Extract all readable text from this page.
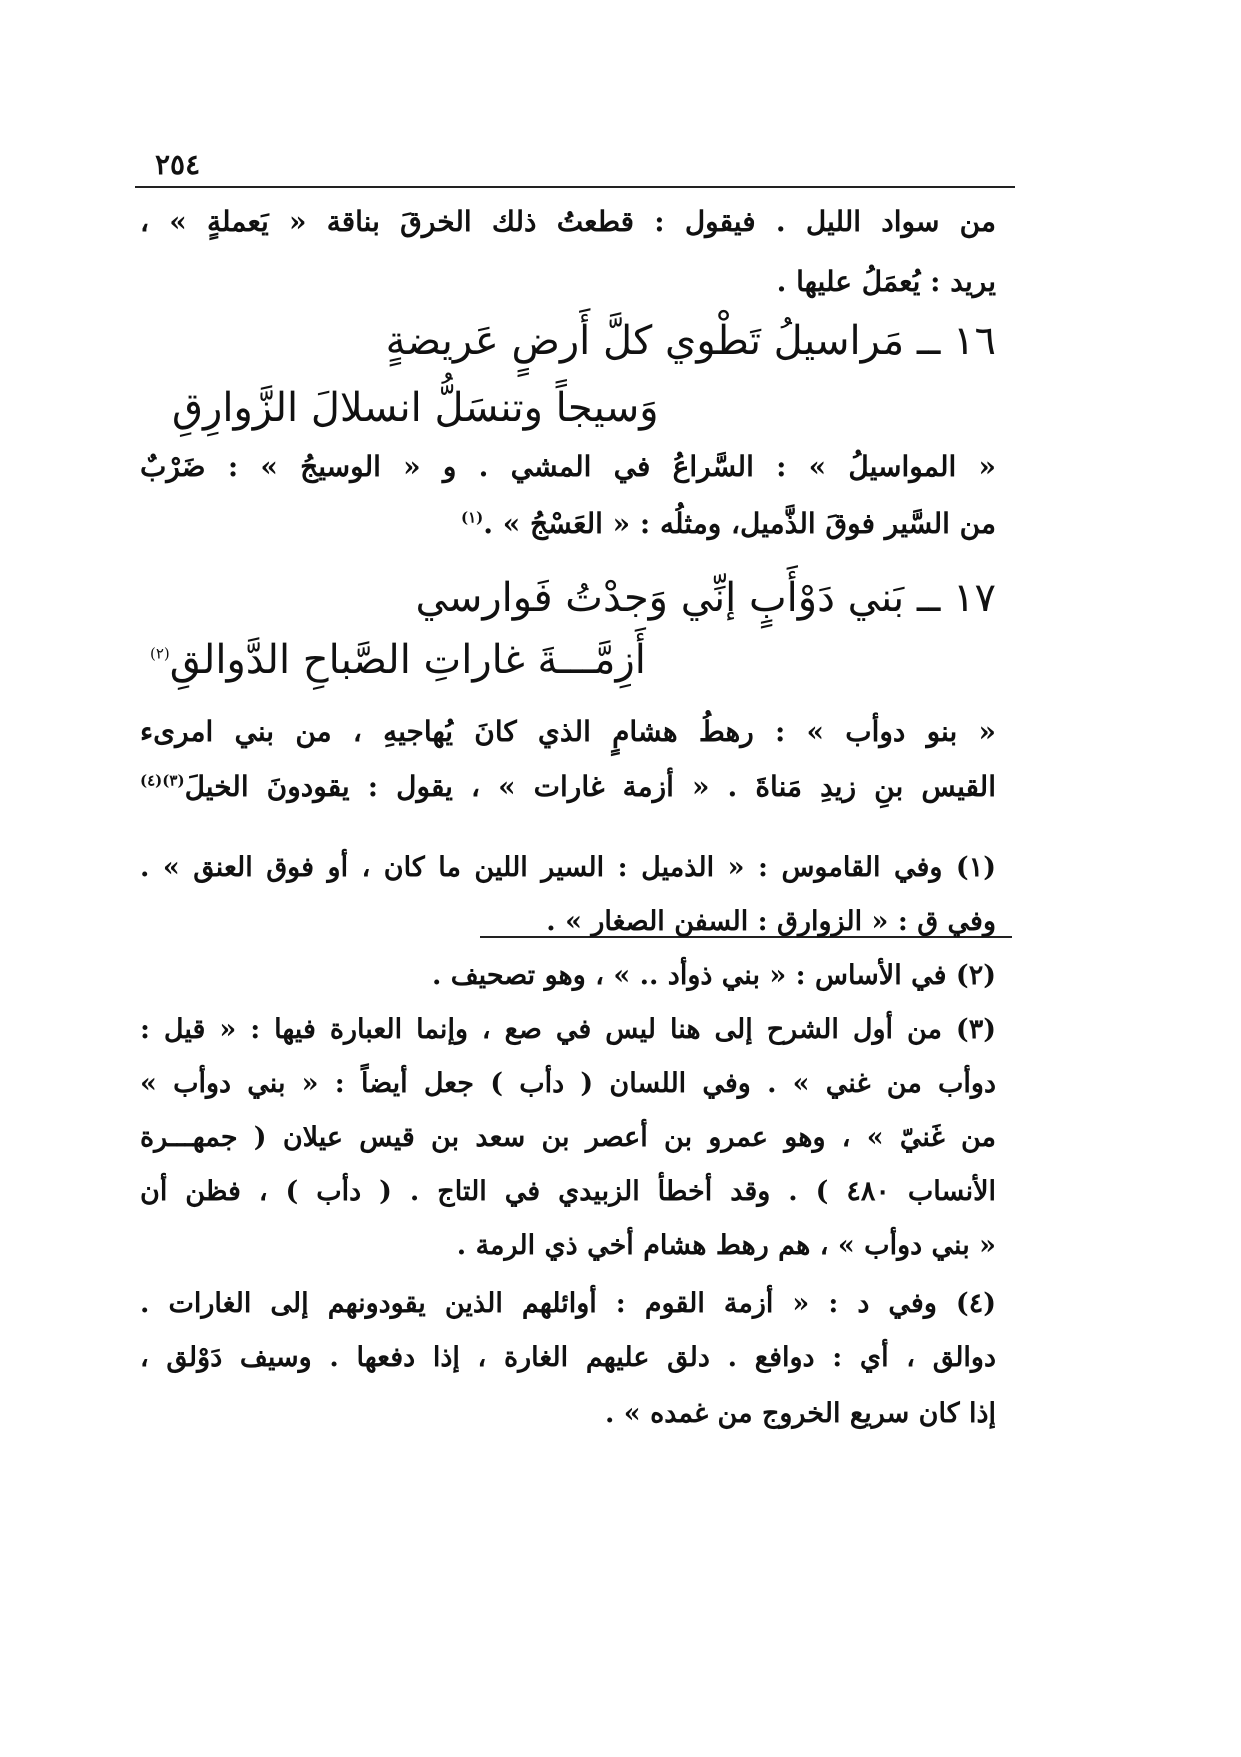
٢٥٤
من سواد الليل . فيقول : قطعتُ ذلك الخرقَ بناقة « يَعملةٍ » ،
يريد : يُعمَلُ عليها .
١٦ ــ مَراسيلُ تَطْوي كلَّ أَرضٍ عَريضةٍ
وَسيجاً وتنسَلُّ انسلالَ الزَّوارِقِ
« المواسيلُ » : السَّراعُ في المشي . و « الوسيجُ » : ضَرْبٌ
من السَّير فوقَ الذَّميل، ومثلُه : « العَسْجُ » .$^{(١)}$
١٧ ــ بَني دَوْأَبٍ إنِّي وَجدْتُ فَوارسي
أَزِمَّـــةَ غاراتِ الصَّباحِ الدَّوالقِ$^{(٢)}$
« بنو دوأب » : رهطُ هشامٍ الذي كانَ يُهاجيهِ ، من بني امرىء
القيس بنِ زيدِ مَناةَ . « أزمة غارات » ، يقول : يقودونَ الخيلَ$^{(٣)(٤)}$
(١) وفي القاموس : « الذميل : السير اللين ما كان ، أو فوق العنق » .
وفي ق : « الزوارق : السفن الصغار » .
(٢) في الأساس : « بني ذوأد .. » ، وهو تصحيف .
(٣) من أول الشرح إلى هنا ليس في صع ، وإنما العبارة فيها : « قيل :
دوأب من غني » . وفي اللسان ( دأب ) جعل أيضاً : « بني دوأب »
من غَنيّ » ، وهو عمرو بن أعصر بن سعد بن قيس عيلان ( جمهـــرة
الأنساب ٤٨٠ ) . وقد أخطأ الزبيدي في التاج . ( دأب ) ، فظن أن
« بني دوأب » ، هم رهط هشام أخي ذي الرمة .
(٤) وفي د : « أزمة القوم : أوائلهم الذين يقودونهم إلى الغارات .
دوالق ، أي : دوافع . دلق عليهم الغارة ، إذا دفعها . وسيف دَوْلق ،
إذا كان سريع الخروج من غمده » .
